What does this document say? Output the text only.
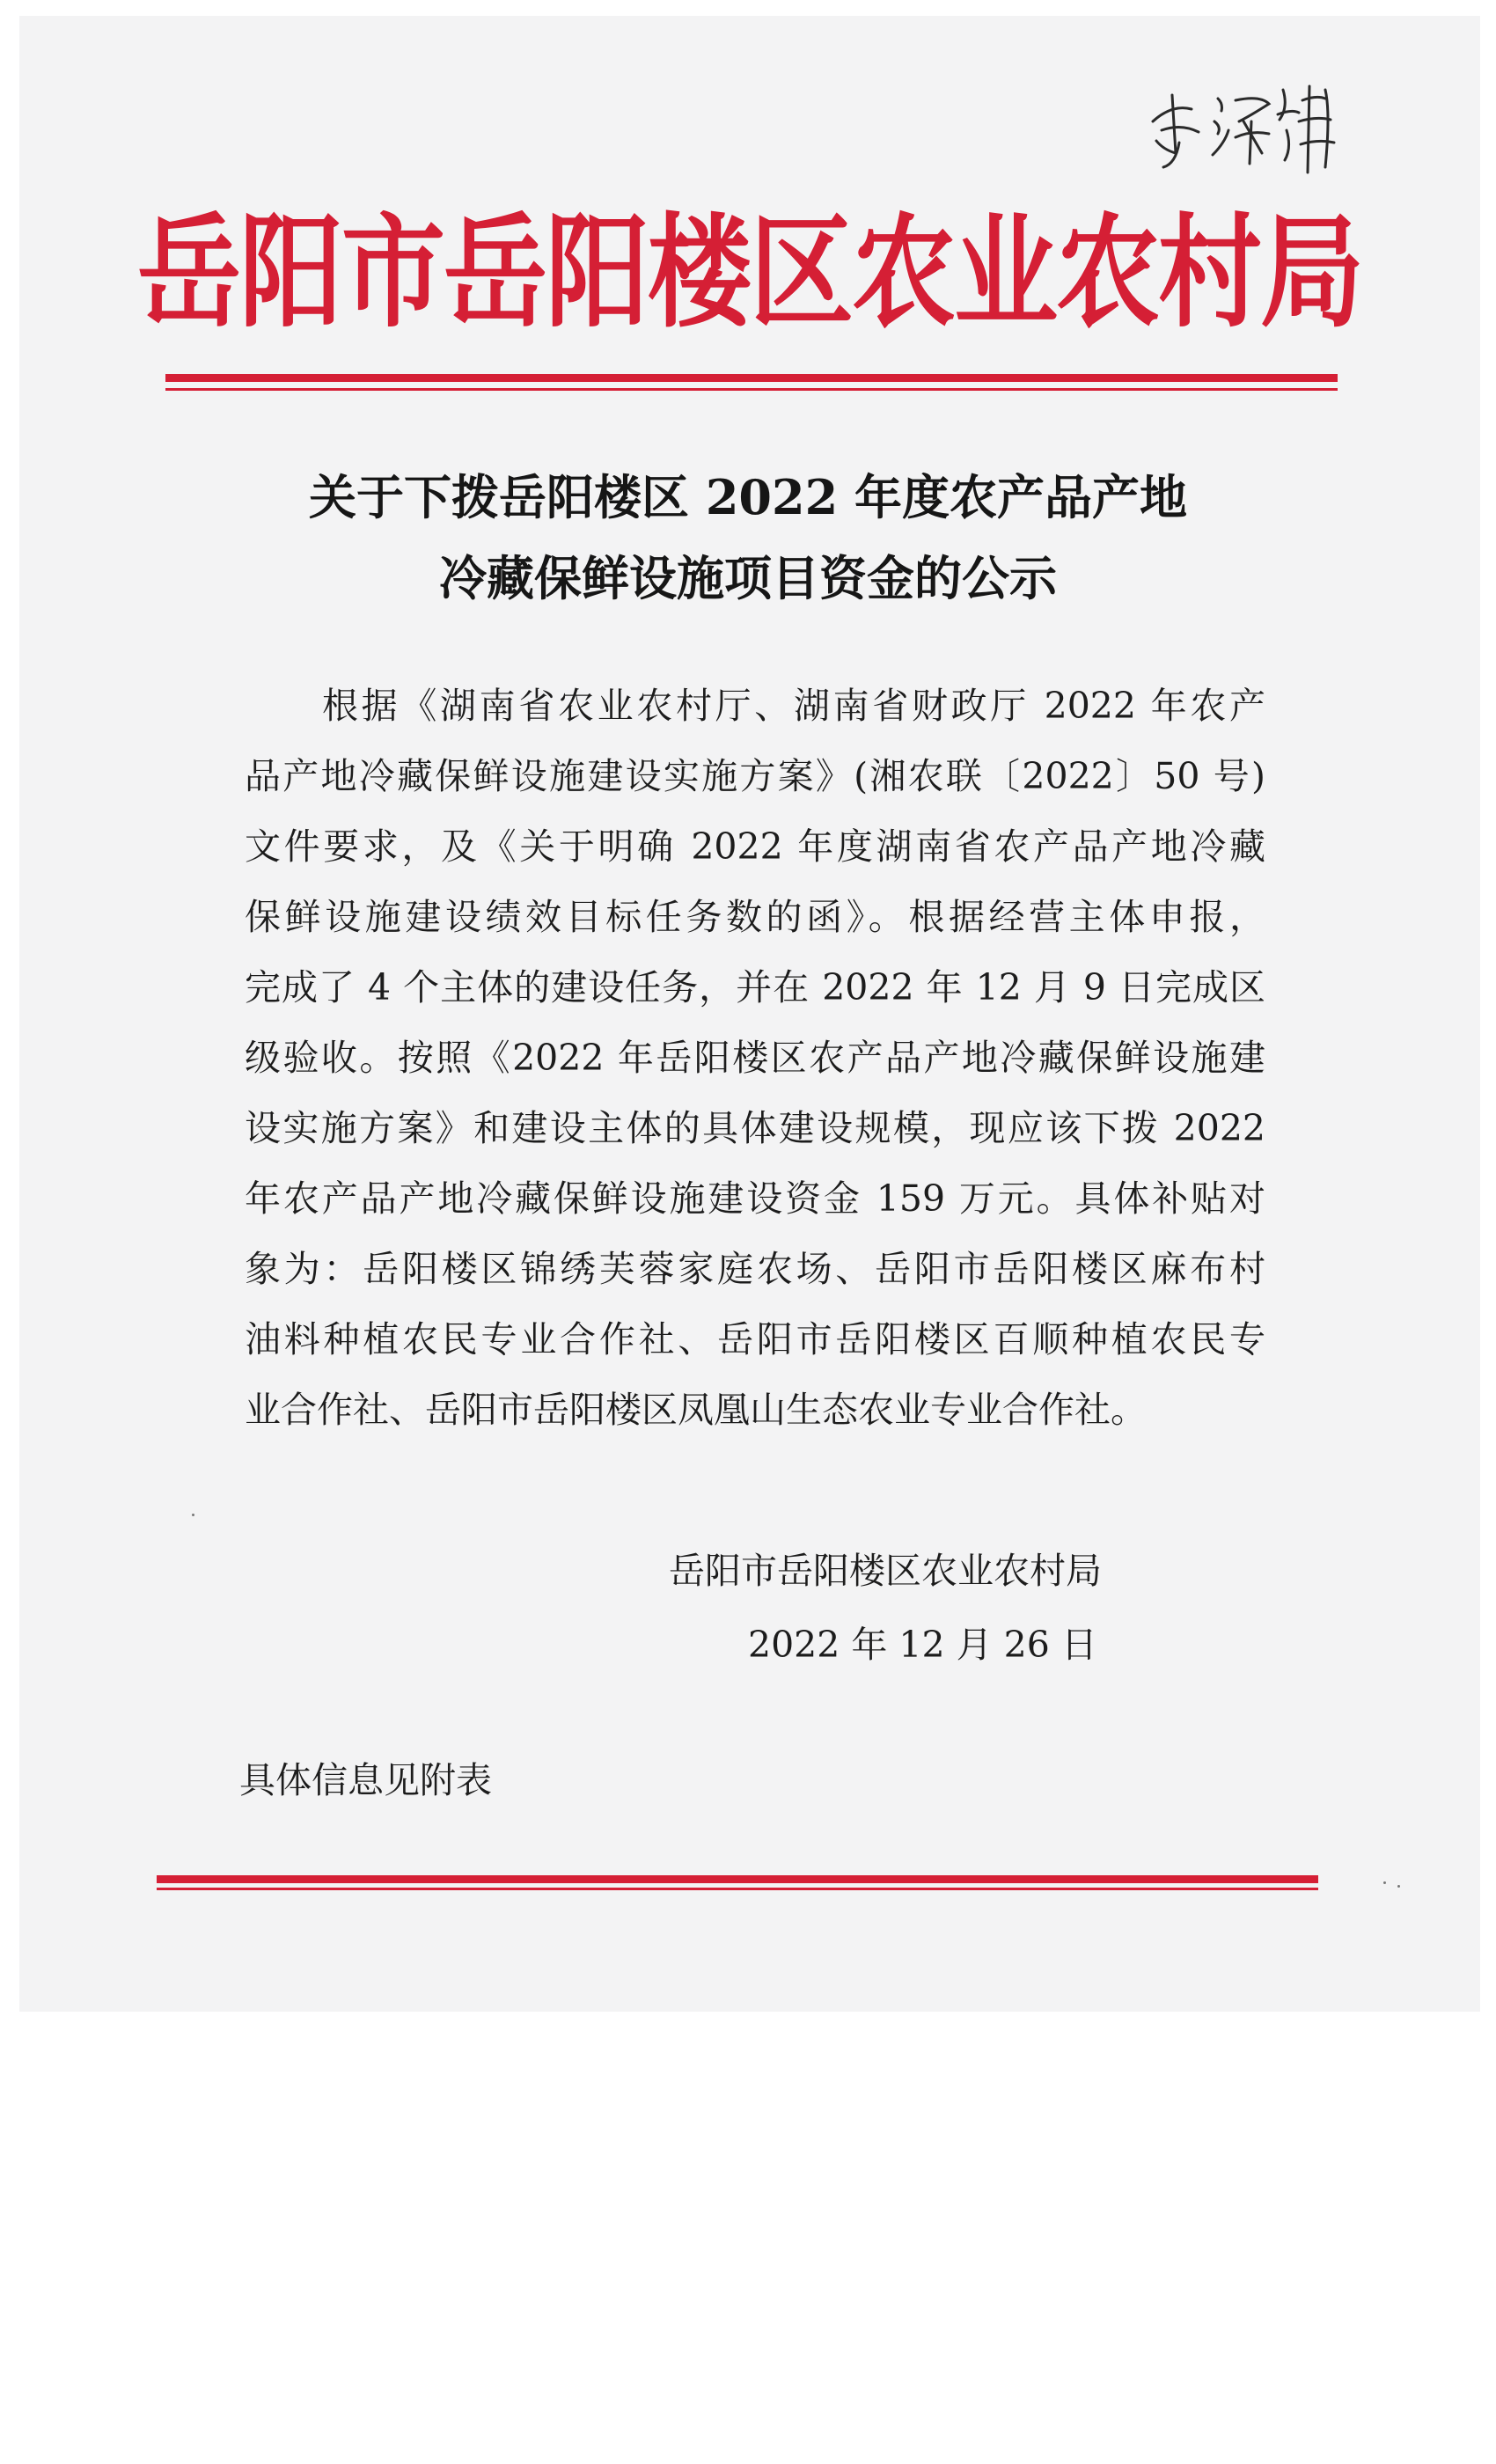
岳阳市岳阳楼区农业农村局
关于下拨岳阳楼区 2022 年度农产品产地
冷藏保鲜设施项目资金的公示
根据《湖南省农业农村厅、湖南省财政厅 2022 年农产
品产地冷藏保鲜设施建设实施方案》(湘农联〔2022〕50 号)
文件要求，及《关于明确 2022 年度湖南省农产品产地冷藏
保鲜设施建设绩效目标任务数的函》。根据经营主体申报，
完成了 4 个主体的建设任务，并在 2022 年 12 月 9 日完成区
级验收。按照《2022 年岳阳楼区农产品产地冷藏保鲜设施建
设实施方案》和建设主体的具体建设规模，现应该下拨 2022
年农产品产地冷藏保鲜设施建设资金 159 万元。具体补贴对
象为：岳阳楼区锦绣芙蓉家庭农场、岳阳市岳阳楼区麻布村
油料种植农民专业合作社、岳阳市岳阳楼区百顺种植农民专
业合作社、岳阳市岳阳楼区凤凰山生态农业专业合作社。
岳阳市岳阳楼区农业农村局
2022 年 12 月 26 日
具体信息见附表
